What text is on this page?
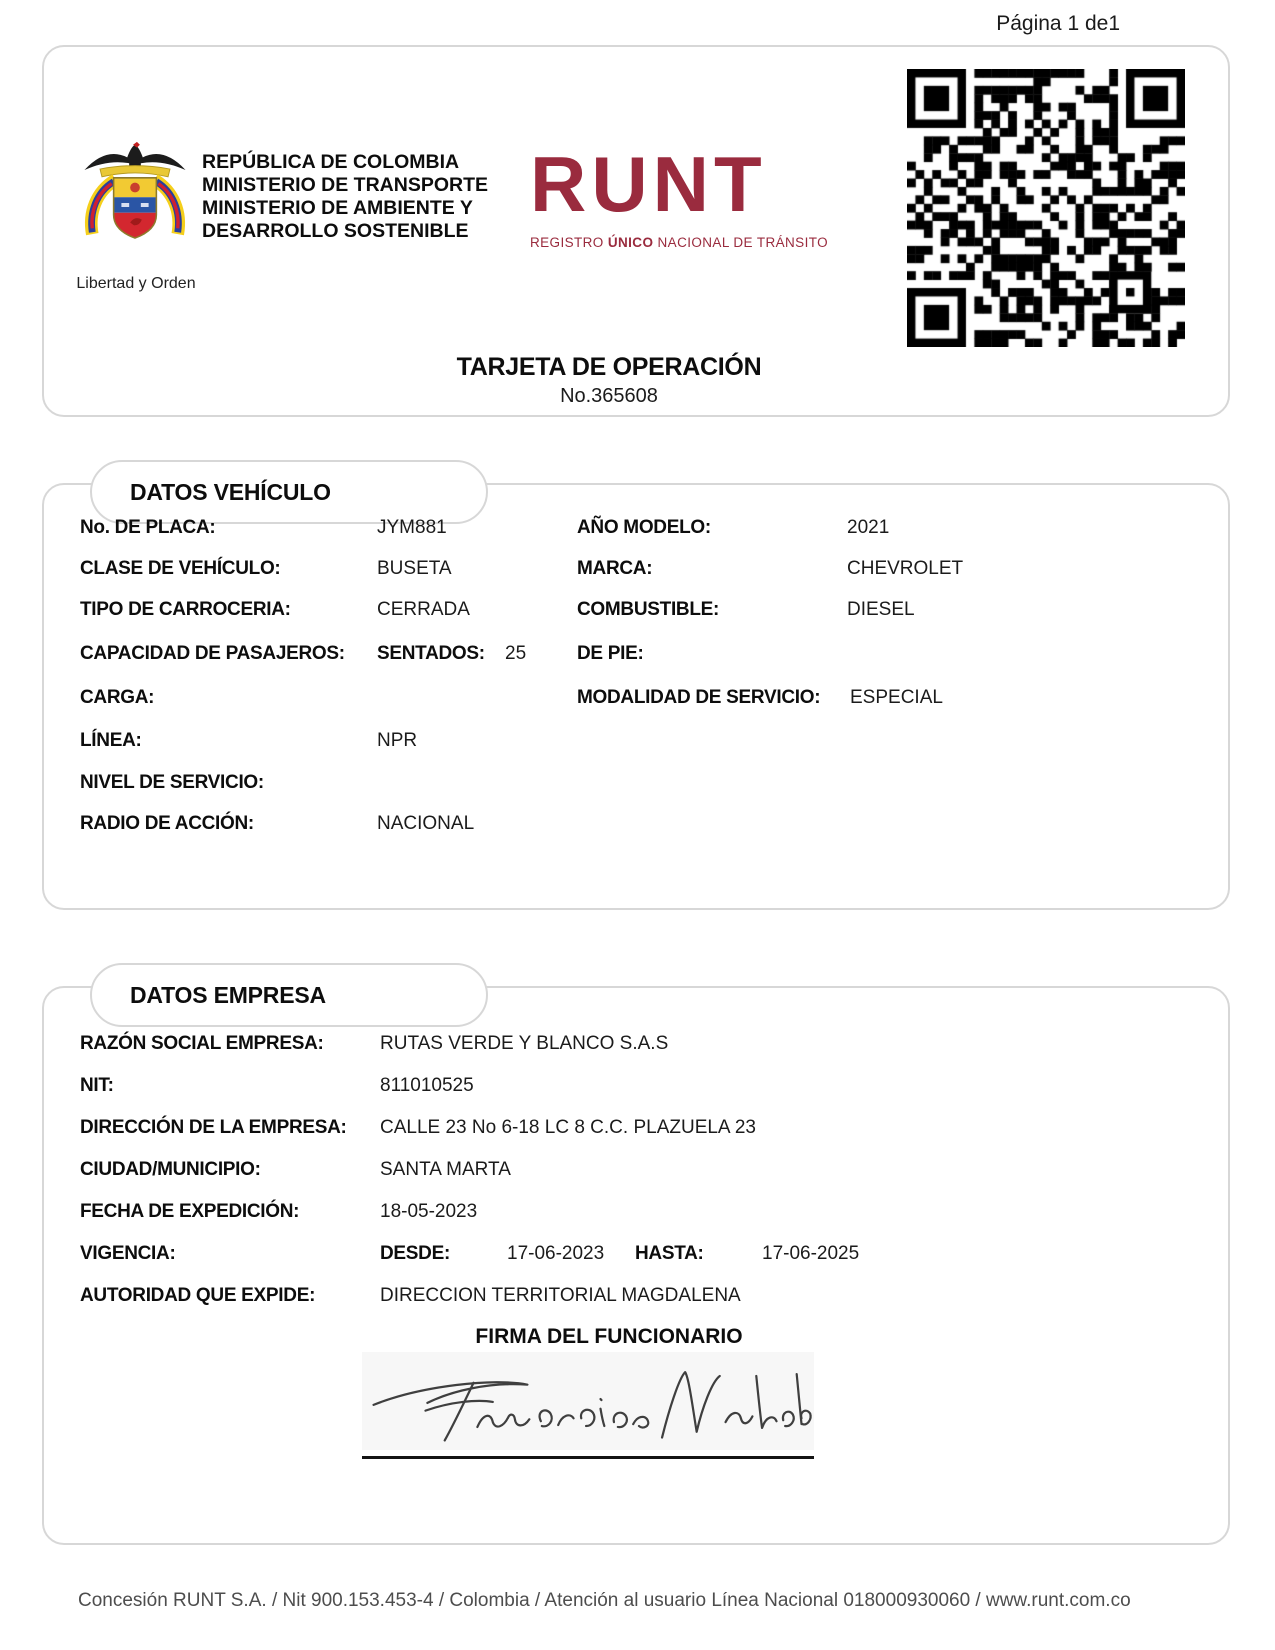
Página 1 de1
Libertad y Orden
REPÚBLICA DE COLOMBIA
MINISTERIO DE TRANSPORTE
MINISTERIO DE AMBIENTE Y
DESARROLLO SOSTENIBLE
RUNT
REGISTRO ÚNICO NACIONAL DE TRÁNSITO
TARJETA DE OPERACIÓN
No.365608
DATOS VEHÍCULO
No. DE PLACA:	JYM881	AÑO MODELO:	2021
CLASE DE VEHÍCULO:	BUSETA	MARCA:	CHEVROLET
TIPO DE CARROCERIA:	CERRADA	COMBUSTIBLE:	DIESEL
CAPACIDAD DE PASAJEROS: SENTADOS: 25	DE PIE:
CARGA:	MODALIDAD DE SERVICIO: ESPECIAL
LÍNEA:	NPR
NIVEL DE SERVICIO:
RADIO DE ACCIÓN:	NACIONAL
DATOS EMPRESA
RAZÓN SOCIAL EMPRESA:	RUTAS VERDE Y BLANCO S.A.S
NIT:	811010525
DIRECCIÓN DE LA EMPRESA: CALLE 23 No 6-18 LC 8 C.C. PLAZUELA 23
CIUDAD/MUNICIPIO:	SANTA MARTA
FECHA DE EXPEDICIÓN:	18-05-2023
VIGENCIA:	DESDE:	17-06-2023 HASTA:	17-06-2025
AUTORIDAD QUE EXPIDE:	DIRECCION TERRITORIAL MAGDALENA
FIRMA DEL FUNCIONARIO
Concesión RUNT S.A. / Nit 900.153.453-4 / Colombia / Atención al usuario Línea Nacional 018000930060 / www.runt.com.co
